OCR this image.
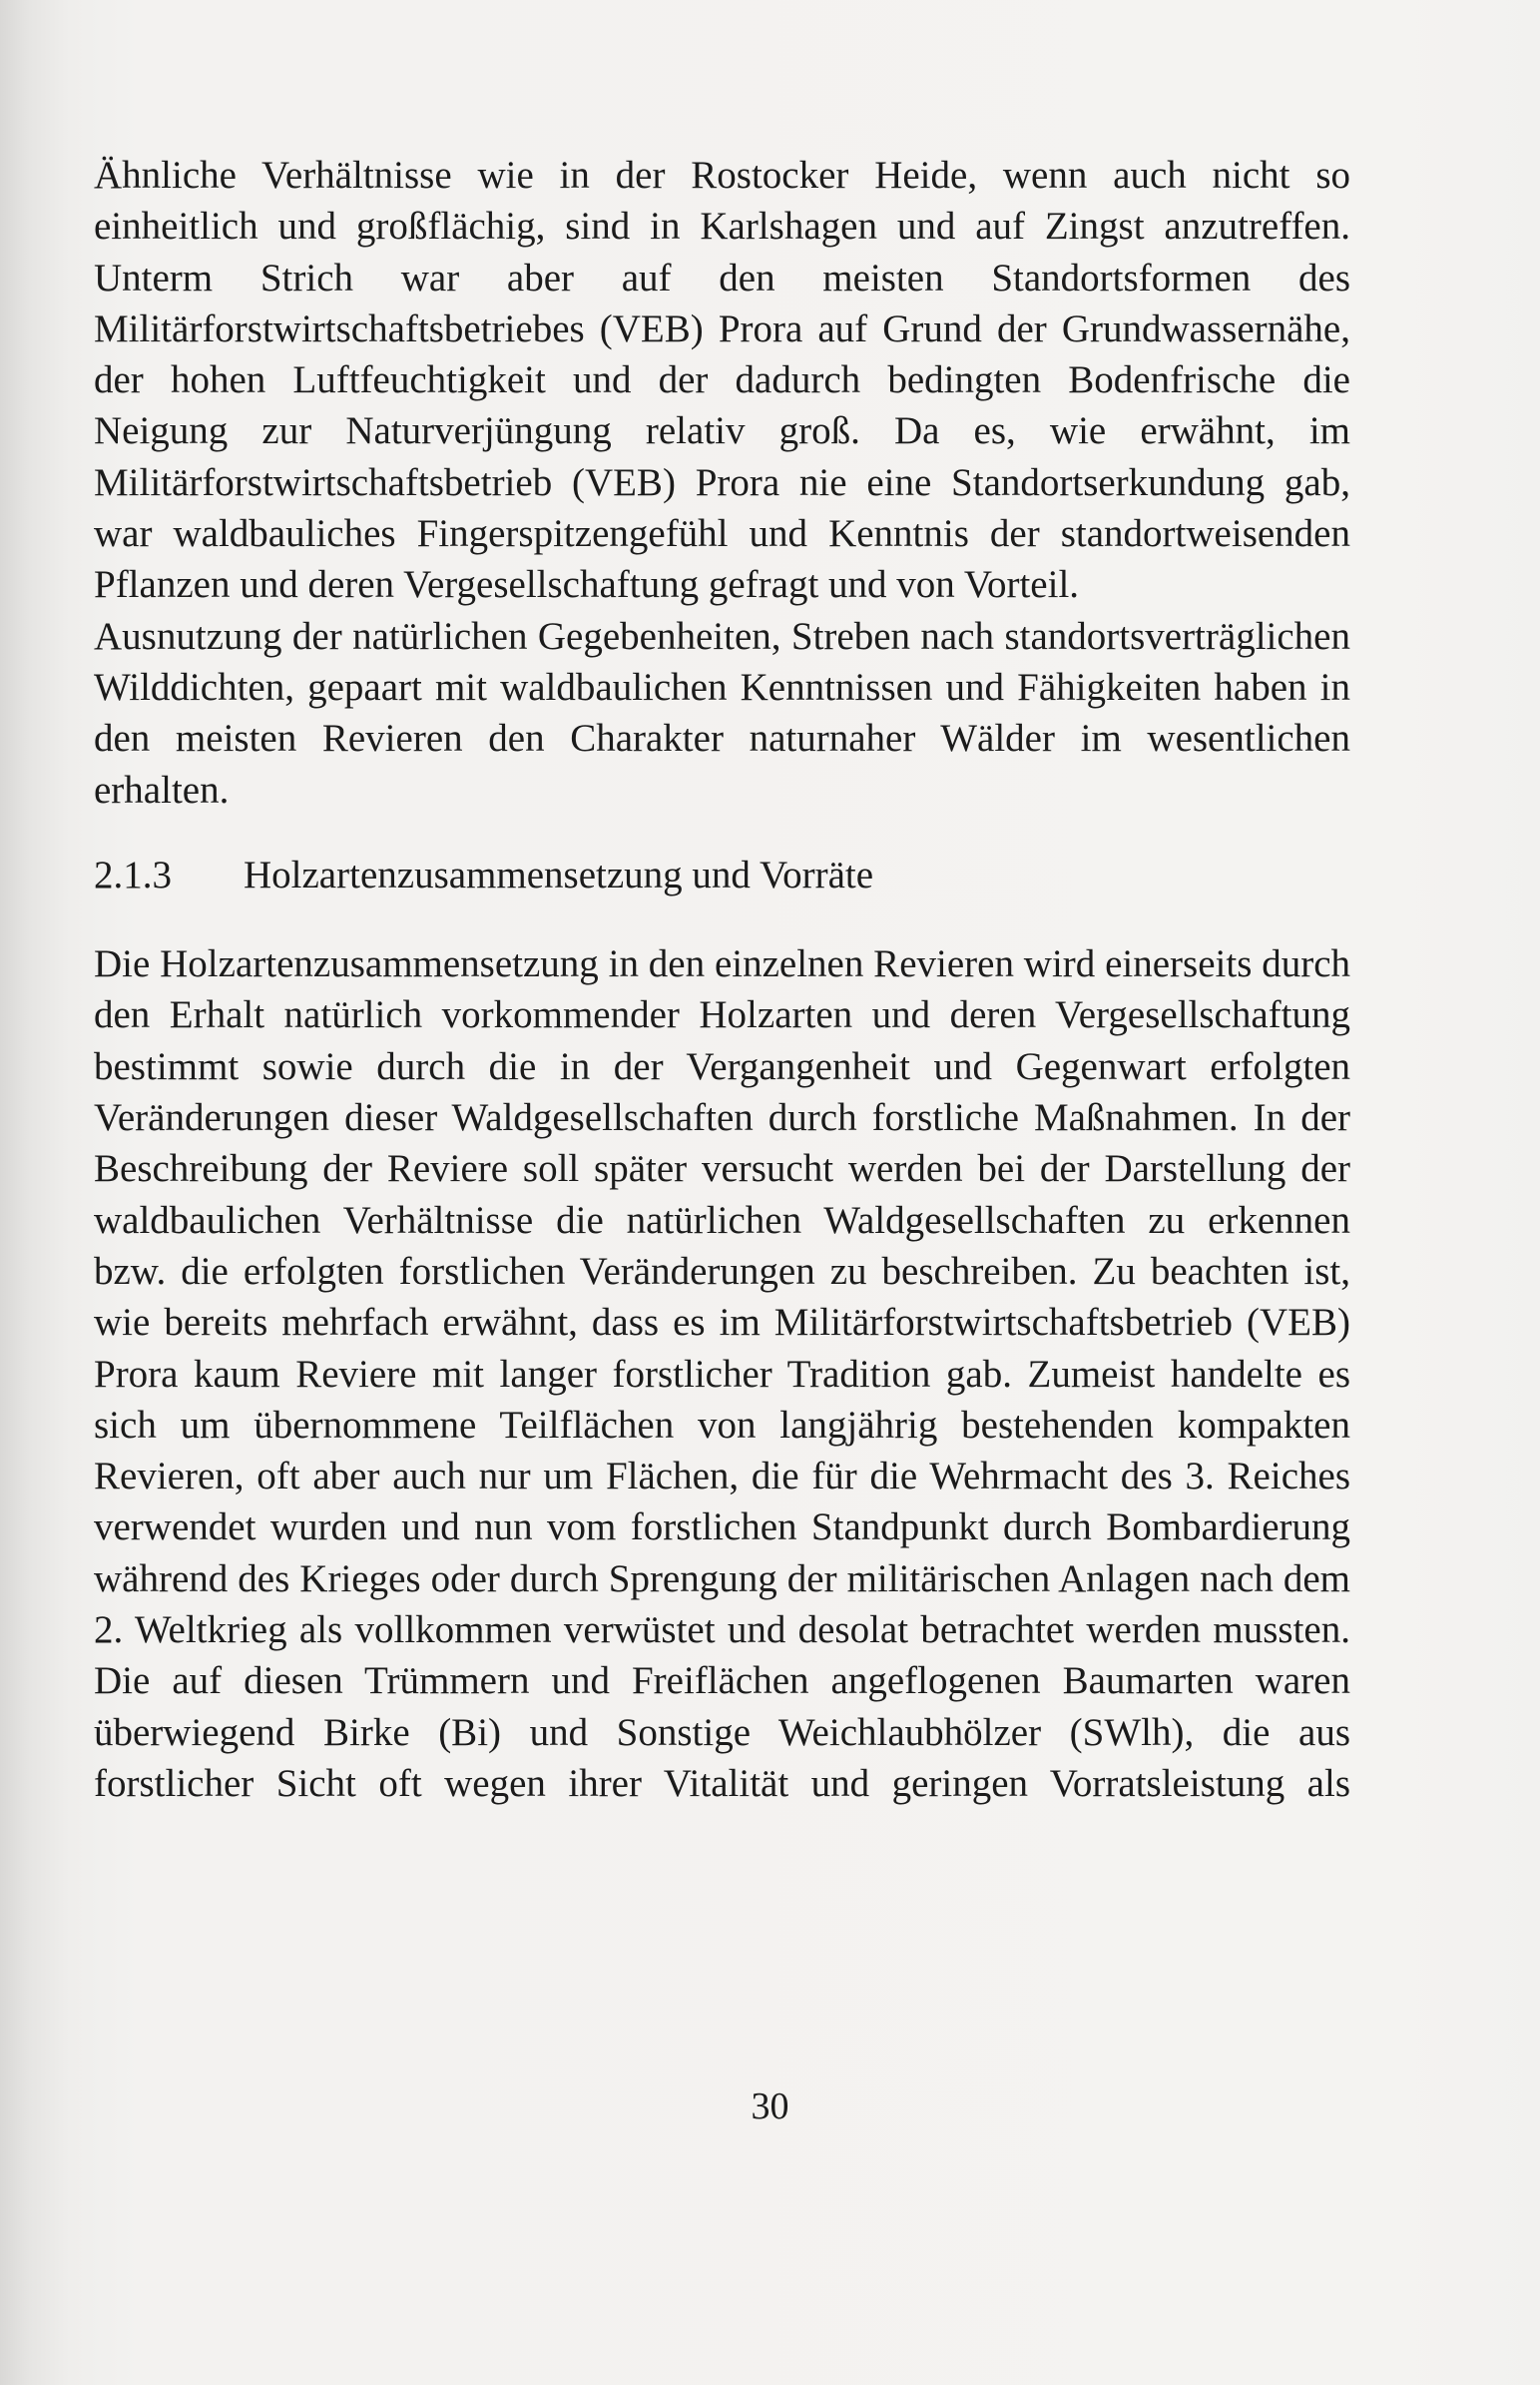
Ähnliche Verhältnisse wie in der Rostocker Heide, wenn auch nicht so einheitlich und großflächig, sind in Karlshagen und auf Zingst anzutreffen. Unterm Strich war aber auf den meisten Standortsformen des Militärforstwirtschaftsbetriebes (VEB) Prora auf Grund der Grundwassernähe, der hohen Luftfeuchtigkeit und der dadurch bedingten Bodenfrische die Neigung zur Naturverjüngung relativ groß. Da es, wie erwähnt, im Militärforstwirtschaftsbetrieb (VEB) Prora nie eine Standortserkundung gab, war waldbauliches Fingerspitzengefühl und Kenntnis der standortweisenden Pflanzen und deren Vergesellschaftung gefragt und von Vorteil.

Ausnutzung der natürlichen Gegebenheiten, Streben nach standortsverträglichen Wilddichten, gepaart mit waldbaulichen Kenntnissen und Fähigkeiten haben in den meisten Revieren den Charakter naturnaher Wälder im wesentlichen erhalten.

2.1.3 Holzartenzusammensetzung und Vorräte

Die Holzartenzusammensetzung in den einzelnen Revieren wird einerseits durch den Erhalt natürlich vorkommender Holzarten und deren Vergesellschaftung bestimmt sowie durch die in der Vergangenheit und Gegenwart erfolgten Veränderungen dieser Waldgesellschaften durch forstliche Maßnahmen. In der Beschreibung der Reviere soll später versucht werden bei der Darstellung der waldbaulichen Verhältnisse die natürlichen Waldgesellschaften zu erkennen bzw. die erfolgten forstlichen Veränderungen zu beschreiben. Zu beachten ist, wie bereits mehrfach erwähnt, dass es im Militärforstwirtschaftsbetrieb (VEB) Prora kaum Reviere mit langer forstlicher Tradition gab. Zumeist handelte es sich um übernommene Teilflächen von langjährig bestehenden kompakten Revieren, oft aber auch nur um Flächen, die für die Wehrmacht des 3. Reiches verwendet wurden und nun vom forstlichen Standpunkt durch Bombardierung während des Krieges oder durch Sprengung der militärischen Anlagen nach dem 2. Weltkrieg als vollkommen verwüstet und desolat betrachtet werden mussten. Die auf diesen Trümmern und Freiflächen angeflogenen Baumarten waren überwiegend Birke (Bi) und Sonstige Weichlaubhölzer (SWlh), die aus forstlicher Sicht oft wegen ihrer Vitalität und geringen Vorratsleistung als

30
